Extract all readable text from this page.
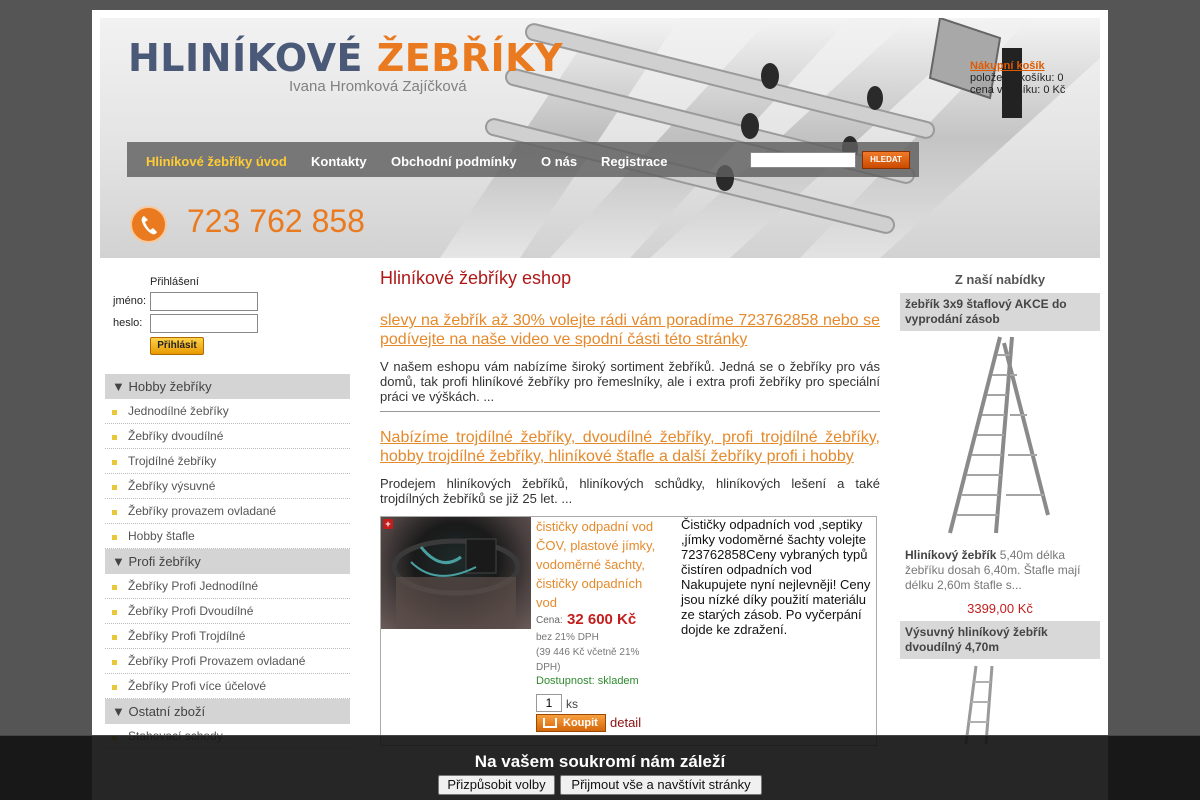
HLINÍKOVÉ ŽEBŘÍKY
Ivana Hromková Zajíčková
Nákupní košík
položek v košíku: 0
cena v košíku: 0 Kč
Hliníkové žebříky úvod Kontakty Obchodní podmínky O nás Registrace	HLEDAT
723 762 858
Přihlášení
jméno:
heslo:
Přihlásit
▼ Hobby žebříky
Jednodílné žebříky
Žebříky dvoudílné
Trojdílné žebříky
Žebříky výsuvné
Žebříky provazem ovladané
Hobby štafle
▼ Profi žebříky
Žebříky Profi Jednodílné
Žebříky Profi Dvoudílné
Žebříky Profi Trojdílné
Žebříky Profi Provazem ovladané
Žebříky Profi více účelové
▼ Ostatní zboží
Hliníkové žebříky eshop
slevy na žebřík až 30% volejte rádi vám poradíme 723762858 nebo se podívejte na naše video ve spodní části této stránky
V našem eshopu vám nabízíme široký sortiment žebříků. Jedná se o žebříky pro vás domů, tak profi hliníkové žebříky pro řemeslníky, ale i extra profi žebříky pro speciální práci ve výškách. ...
Nabízíme trojdílné žebříky, dvoudílné žebříky, profi trojdílné žebříky, hobby trojdílné žebříky, hliníkové štafle a další žebříky profi i hobby
Prodejem hliníkových žebříků, hliníkových schůdky, hliníkových lešení a také trojdílných žebříků se již 25 let. ...
+	čističky odpadní vod ČOV, plastové jímky, vodoměrné šachty, čističky odpadních vod
Cena: 32 600 Kč
bez 21% DPH
(39 446 Kč včetně 21% DPH)
Dostupnost: skladem
1	ks
Koupit detail
Čističky odpadních vod ,septiky ,jímky vodoměrné šachty volejte 723762858Ceny vybraných typů čistíren odpadních vod Nakupujete nyní nejlevněji! Ceny jsou nízké díky použití materiálu ze starých zásob. Po vyčerpání dojde ke zdražení.
Z naší nabídky
žebřík 3x9 štaflový AKCE do vyprodání zásob
Hliníkový žebřík 5,40m délka žebříku dosah 6,40m. Štafle mají délku 2,60m štafle s...
3399,00 Kč
Výsuvný hliníkový žebřík dvoudílný 4,70m
Na vašem soukromí nám záleží
Přizpůsobit volby	Přijmout vše a navštívit stránky
